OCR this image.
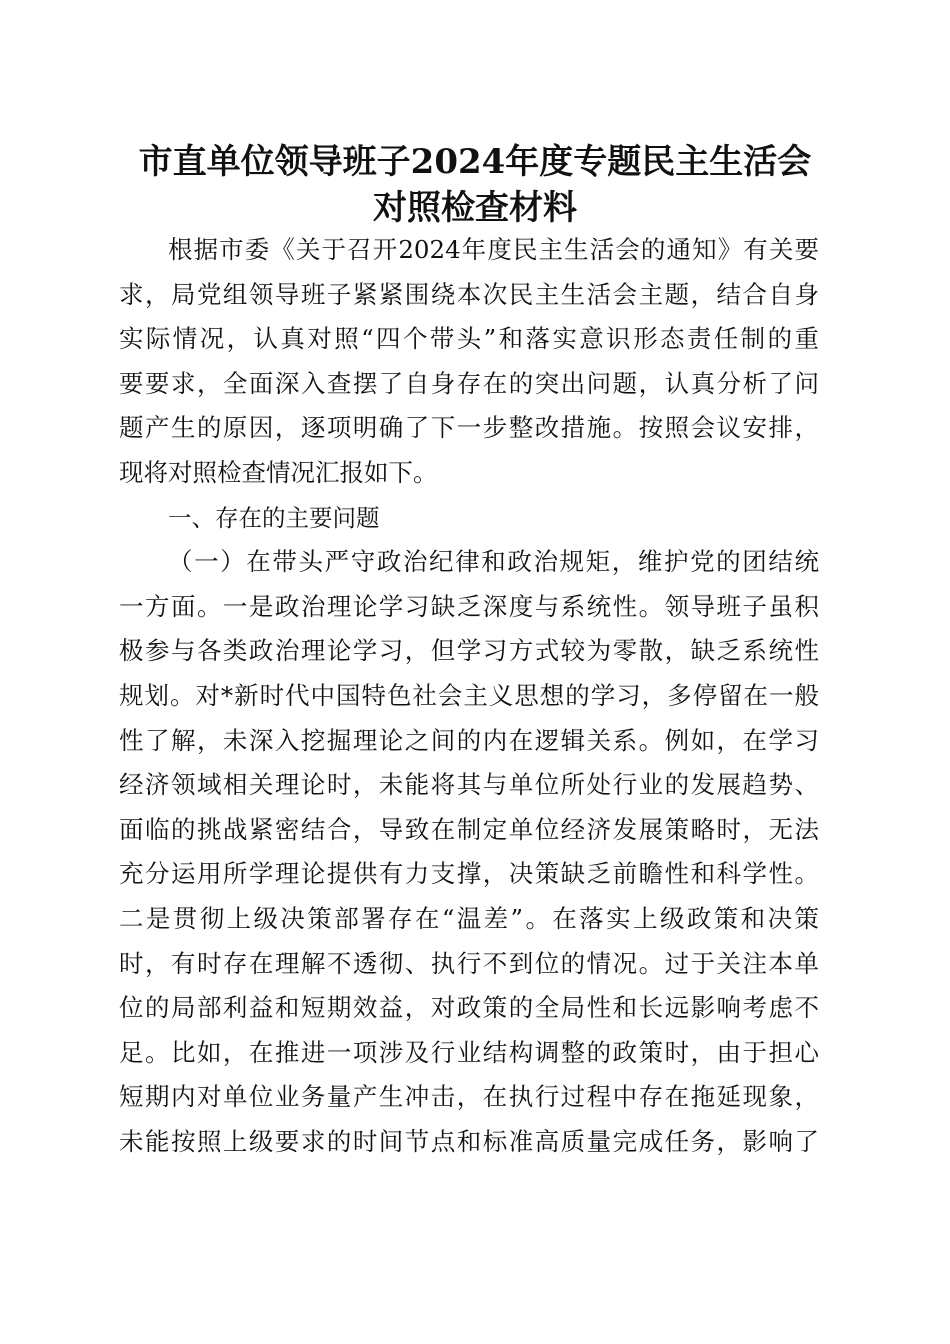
市直单位领导班子2024年度专题民主生活会
对照检查材料
根据市委《关于召开2024年度民主生活会的通知》有关要
求，局党组领导班子紧紧围绕本次民主生活会主题，结合自身
实际情况，认真对照“四个带头”和落实意识形态责任制的重
要要求，全面深入查摆了自身存在的突出问题，认真分析了问
题产生的原因，逐项明确了下一步整改措施。按照会议安排，
现将对照检查情况汇报如下。
一、存在的主要问题
（一）在带头严守政治纪律和政治规矩，维护党的团结统
一方面。一是政治理论学习缺乏深度与系统性。领导班子虽积
极参与各类政治理论学习，但学习方式较为零散，缺乏系统性
规划。对*新时代中国特色社会主义思想的学习，多停留在一般
性了解，未深入挖掘理论之间的内在逻辑关系。例如，在学习
经济领域相关理论时，未能将其与单位所处行业的发展趋势、
面临的挑战紧密结合，导致在制定单位经济发展策略时，无法
充分运用所学理论提供有力支撑，决策缺乏前瞻性和科学性。
二是贯彻上级决策部署存在“温差”。在落实上级政策和决策
时，有时存在理解不透彻、执行不到位的情况。过于关注本单
位的局部利益和短期效益，对政策的全局性和长远影响考虑不
足。比如，在推进一项涉及行业结构调整的政策时，由于担心
短期内对单位业务量产生冲击，在执行过程中存在拖延现象，
未能按照上级要求的时间节点和标准高质量完成任务，影响了
